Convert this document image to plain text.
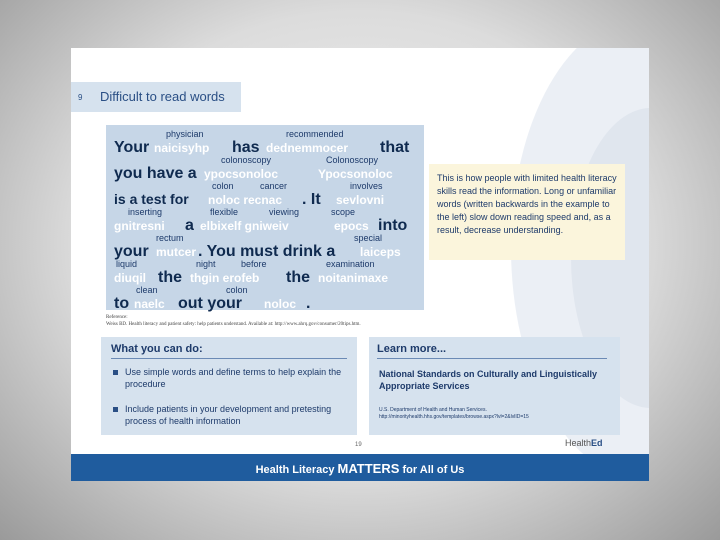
9 Difficult to read words
physician	recommended
Your naicisyhp has dednemmocer that
colonoscopy	Colonoscopy
you have a ypocsonoloc	Ypocsonoloc
colon	cancer	involves
is a test for noloc recnac . It sevlovni
inserting	flexible	viewing	scope
gnitresni a elbixelf gniweiv	epocs into
rectum	special
your mutcer . You must drink a laiceps
liquid	night	before	examination
diuqil the thgin erofeb the noitanimaxe
clean	colon
to naelc out your noloc .
This is how people with limited health literacy skills read the information. Long or unfamiliar words (written backwards in the example to the left) slow down reading speed and, as a result, decrease understanding.
Reference:
Weiss BD. Health literacy and patient safety: help patients understand. Available at: http://www.ahrq.gov/consumer/20tips.htm.
What you can do:
Use simple words and define terms to help explain the procedure
Include patients in your development and pretesting process of health information
Learn more...
National Standards on Culturally and Linguistically Appropriate Services
U.S. Department of Health and Human Services.
http://minorityhealth.hhs.gov/templates/browse.aspx?lvl=2&lvlID=15
19	HealthEd
Health Literacy MATTERS for All of Us
